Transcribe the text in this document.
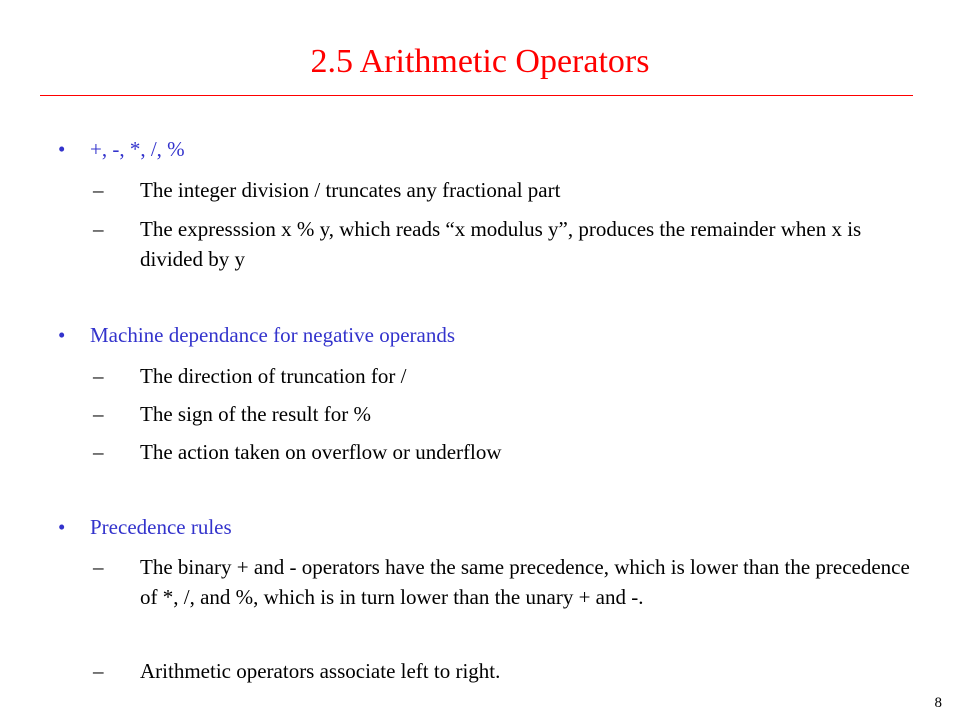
2.5 Arithmetic Operators
• +, -, *, /, %
– The integer division / truncates any fractional part
– The expresssion x % y, which reads “x modulus y”, produces the remainder when x is divided by y
• Machine dependance for negative operands
– The direction of truncation for /
– The sign of the result for %
– The action taken on overflow or underflow
• Precedence rules
– The binary + and - operators have the same precedence, which is lower than the precedence of *, /, and %, which is in turn lower than the unary + and -.
– Arithmetic operators associate left to right.
8
